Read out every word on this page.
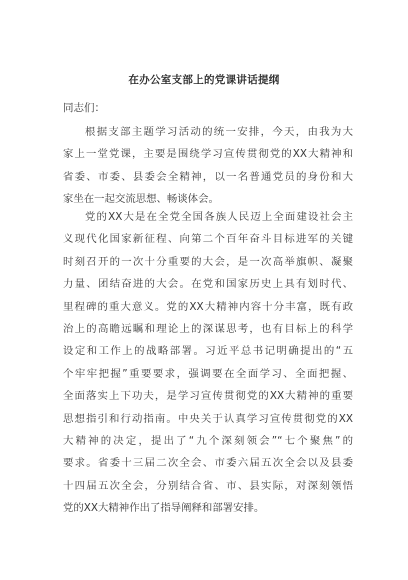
在办公室支部上的党课讲话提纲
同志们：
根据支部主题学习活动的统一安排，今天，由我为大
家上一堂党课，主要是围绕学习宣传贯彻党的XX大精神和
省委、市委、县委会全精神，以一名普通党员的身份和大
家坐在一起交流思想、畅谈体会。
党的XX大是在全党全国各族人民迈上全面建设社会主
义现代化国家新征程、向第二个百年奋斗目标进军的关键
时刻召开的一次十分重要的大会，是一次高举旗帜、凝聚
力量、团结奋进的大会。在党和国家历史上具有划时代、
里程碑的重大意义。党的XX大精神内容十分丰富，既有政
治上的高瞻远瞩和理论上的深谋思考，也有目标上的科学
设定和工作上的战略部署。习近平总书记明确提出的“五
个牢牢把握”重要要求，强调要在全面学习、全面把握、
全面落实上下功夫，是学习宣传贯彻党的XX大精神的重要
思想指引和行动指南。中央关于认真学习宣传贯彻党的XX
大精神的决定，提出了“九个深刻领会”“七个聚焦”的
要求。省委十三届二次全会、市委六届五次全会以及县委
十四届五次全会，分别结合省、市、县实际，对深刻领悟
党的XX大精神作出了指导阐释和部署安排。
